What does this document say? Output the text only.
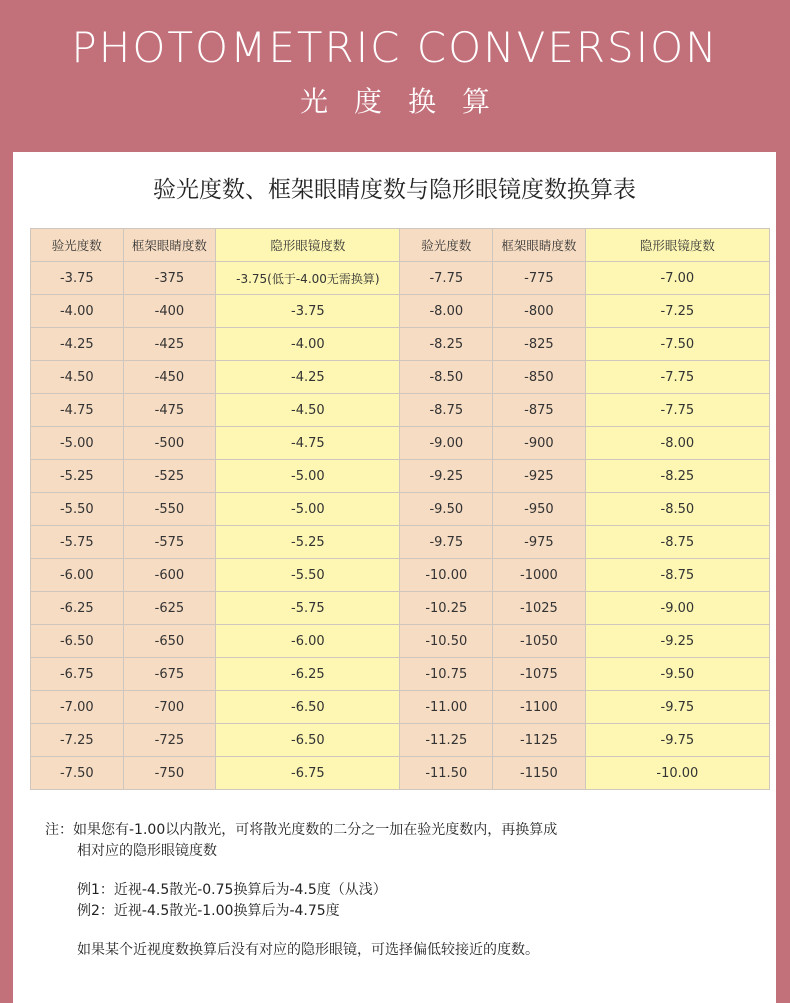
PHOTOMETRIC CONVERSION
光度换算
验光度数、框架眼睛度数与隐形眼镜度数换算表
验光度数	框架眼睛度数	隐形眼镜度数	验光度数	框架眼睛度数	隐形眼镜度数
-3.75	-375	-3.75(低于-4.00无需换算)	-7.75	-775	-7.00
-4.00	-400	-3.75	-8.00	-800	-7.25
-4.25	-425	-4.00	-8.25	-825	-7.50
-4.50	-450	-4.25	-8.50	-850	-7.75
-4.75	-475	-4.50	-8.75	-875	-7.75
-5.00	-500	-4.75	-9.00	-900	-8.00
-5.25	-525	-5.00	-9.25	-925	-8.25
-5.50	-550	-5.00	-9.50	-950	-8.50
-5.75	-575	-5.25	-9.75	-975	-8.75
-6.00	-600	-5.50	-10.00	-1000	-8.75
-6.25	-625	-5.75	-10.25	-1025	-9.00
-6.50	-650	-6.00	-10.50	-1050	-9.25
-6.75	-675	-6.25	-10.75	-1075	-9.50
-7.00	-700	-6.50	-11.00	-1100	-9.75
-7.25	-725	-6.50	-11.25	-1125	-9.75
-7.50	-750	-6.75	-11.50	-1150	-10.00
注：如果您有-1.00以内散光，可将散光度数的二分之一加在验光度数内，再换算成
相对应的隐形眼镜度数
例1：近视-4.5散光-0.75换算后为-4.5度（从浅）
例2：近视-4.5散光-1.00换算后为-4.75度
如果某个近视度数换算后没有对应的隐形眼镜，可选择偏低较接近的度数。
